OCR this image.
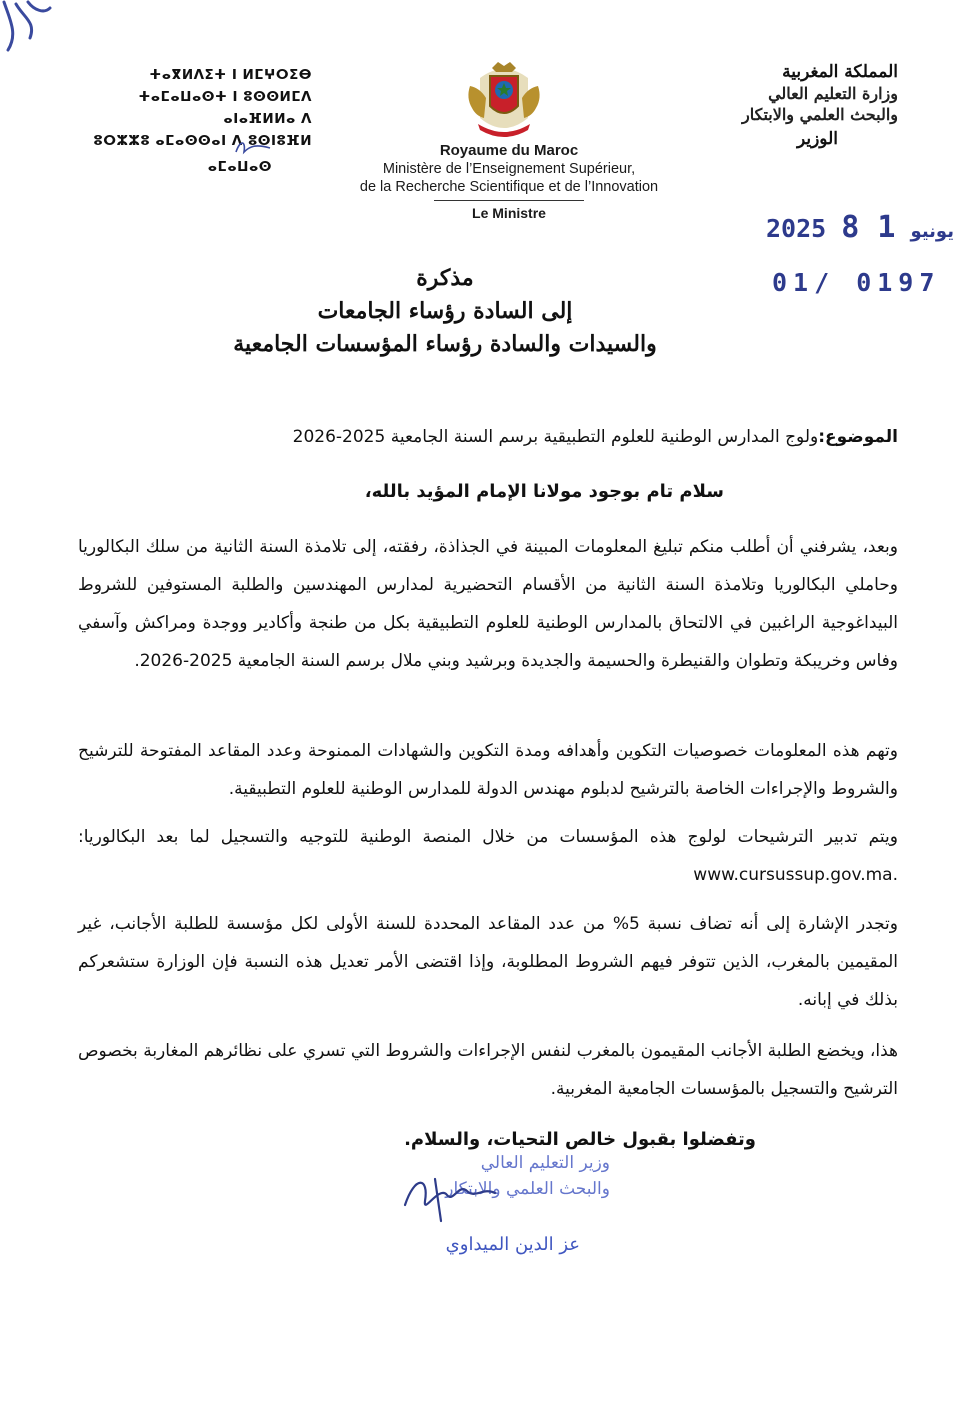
ⵜⴰⴳⵍⴷⵉⵜ ⵏ ⵍⵎⵖⵔⵉⴱ
ⵜⴰⵎⴰⵡⴰⵙⵜ ⵏ ⵓⵙⵙⵍⵎⴷ ⴰⵏⴰⴼⵍⵍⴰ ⴷ
ⵓⵔⵣⵣⵓ ⴰⵎⴰⵙⵙⴰⵏ ⴷ ⵓⵙⵏⵓⴼⵍ
ⴰⵎⴰⵡⴰⵙ
Royaume du Maroc
Ministère de l’Enseignement Supérieur,
de la Recherche Scientifique et de l’Innovation
Le Ministre
المملكة المغربية
وزارة التعليم العالي
والبحث العلمي والابتكار
الوزير
2025	يونيو 1 8
01/ 0197
مذكرة
إلى السادة رؤساء الجامعات
والسيدات والسادة رؤساء المؤسسات الجامعية
الموضوع:ولوج المدارس الوطنية للعلوم التطبيقية برسم السنة الجامعية 2025-2026
سلام تام بوجود مولانا الإمام المؤيد بالله،
وبعد، يشرفني أن أطلب منكم تبليغ المعلومات المبينة في الجذاذة، رفقته، إلى تلامذة السنة الثانية من سلك البكالوريا وحاملي البكالوريا وتلامذة السنة الثانية من الأقسام التحضيرية لمدارس المهندسين والطلبة المستوفين للشروط البيداغوجية الراغبين في الالتحاق بالمدارس الوطنية للعلوم التطبيقية بكل من طنجة وأكادير ووجدة ومراكش وآسفي وفاس وخريبكة وتطوان والقنيطرة والحسيمة والجديدة وبرشيد وبني ملال برسم السنة الجامعية 2025-2026.
وتهم هذه المعلومات خصوصيات التكوين وأهدافه ومدة التكوين والشهادات الممنوحة وعدد المقاعد المفتوحة للترشيح والشروط والإجراءات الخاصة بالترشيح لدبلوم مهندس الدولة للمدارس الوطنية للعلوم التطبيقية.
ويتم تدبير الترشيحات لولوج هذه المؤسسات من خلال المنصة الوطنية للتوجيه والتسجيل لما بعد البكالوريا: www.cursussup.gov.ma.
وتجدر الإشارة إلى أنه تضاف نسبة 5% من عدد المقاعد المحددة للسنة الأولى لكل مؤسسة للطلبة الأجانب، غير المقيمين بالمغرب، الذين تتوفر فيهم الشروط المطلوبة، وإذا اقتضى الأمر تعديل هذه النسبة فإن الوزارة ستشعركم بذلك في إبانه.
هذا، ويخضع الطلبة الأجانب المقيمون بالمغرب لنفس الإجراءات والشروط التي تسري على نظائرهم المغاربة بخصوص الترشيح والتسجيل بالمؤسسات الجامعية المغربية.
وتفضلوا بقبول خالص التحيات، والسلام.
وزير التعليم العالي
والبحث العلمي والابتكار
عز الدين الميداوي
